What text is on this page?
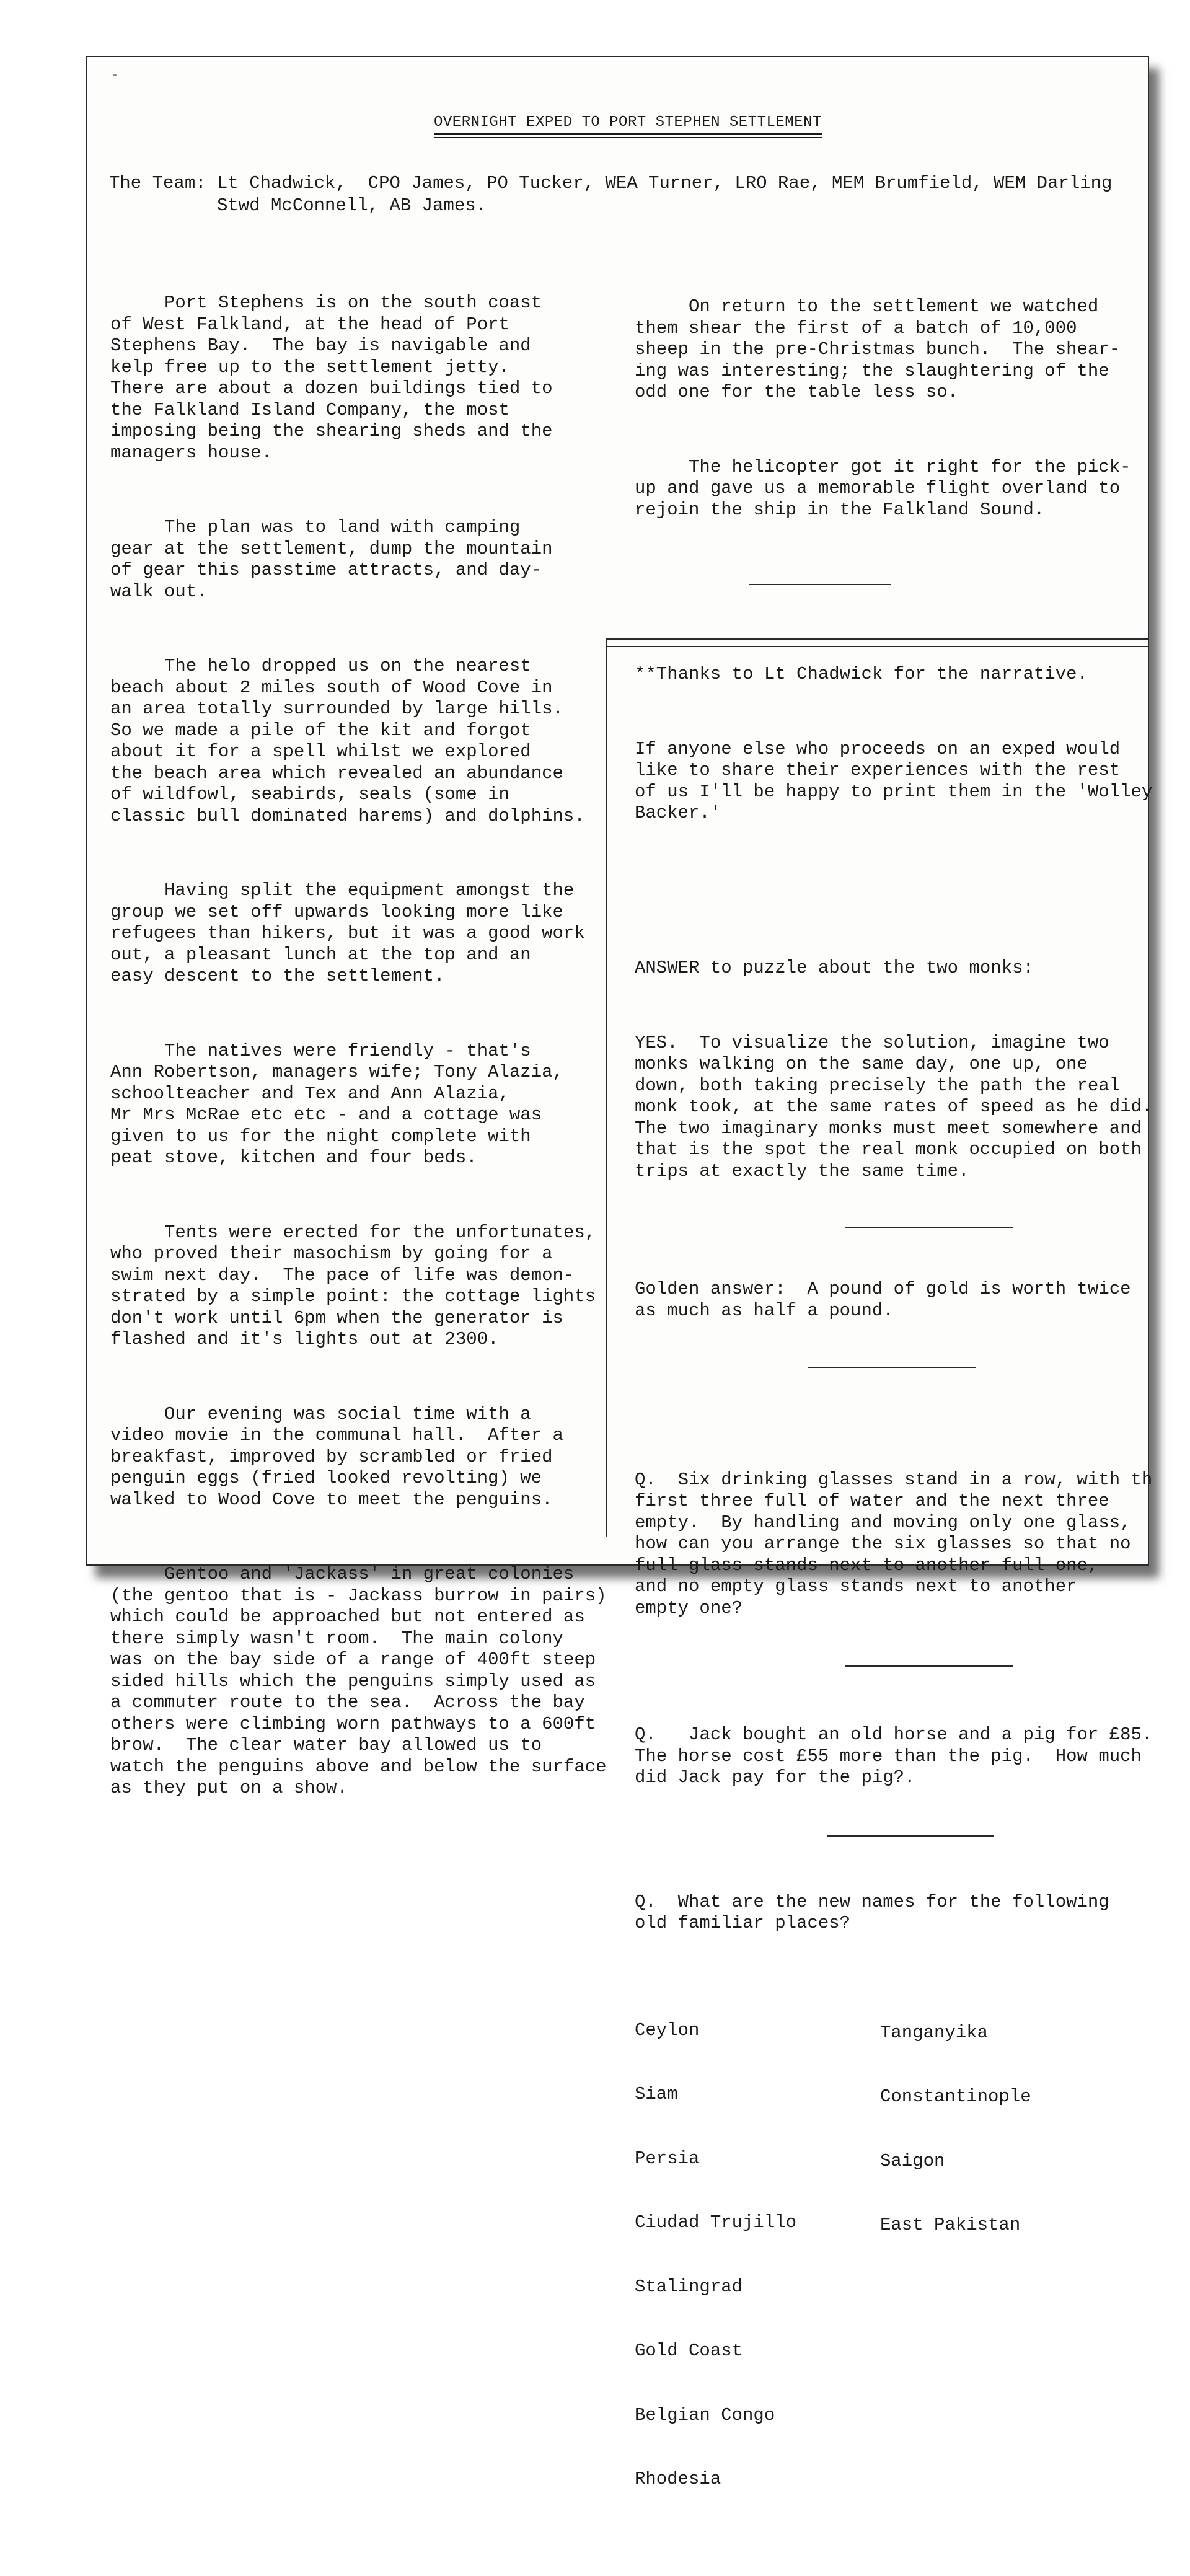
OVERNIGHT EXPED TO PORT STEPHEN SETTLEMENT
The Team: Lt Chadwick,  CPO James, PO Tucker, WEA Turner, LRO Rae, MEM Brumfield, WEM Darling
Stwd McConnell, AB James.

Port Stephens is on the south coast
of West Falkland, at the head of Port
Stephens Bay.  The bay is navigable and
kelp free up to the settlement jetty.
There are about a dozen buildings tied to
the Falkland Island Company, the most
imposing being the shearing sheds and the
managers house.

The plan was to land with camping
gear at the settlement, dump the mountain
of gear this passtime attracts, and day-
walk out.

The helo dropped us on the nearest
beach about 2 miles south of Wood Cove in
an area totally surrounded by large hills.
So we made a pile of the kit and forgot
about it for a spell whilst we explored
the beach area which revealed an abundance
of wildfowl, seabirds, seals (some in
classic bull dominated harems) and dolphins.

Having split the equipment amongst the
group we set off upwards looking more like
refugees than hikers, but it was a good work
out, a pleasant lunch at the top and an
easy descent to the settlement.

The natives were friendly - that's
Ann Robertson, managers wife; Tony Alazia,
schoolteacher and Tex and Ann Alazia,
Mr Mrs McRae etc etc - and a cottage was
given to us for the night complete with
peat stove, kitchen and four beds.

Tents were erected for the unfortunates,
who proved their masochism by going for a
swim next day.  The pace of life was demon-
strated by a simple point: the cottage lights
don't work until 6pm when the generator is
flashed and it's lights out at 2300.

Our evening was social time with a
video movie in the communal hall.  After a
breakfast, improved by scrambled or fried
penguin eggs (fried looked revolting) we
walked to Wood Cove to meet the penguins.

Gentoo and 'Jackass' in great colonies
(the gentoo that is - Jackass burrow in pairs)
which could be approached but not entered as
there simply wasn't room.  The main colony
was on the bay side of a range of 400ft steep
sided hills which the penguins simply used as
a commuter route to the sea.  Across the bay
others were climbing worn pathways to a 600ft
brow.  The clear water bay allowed us to
watch the penguins above and below the surface
as they put on a show.

On return to the settlement we watched
them shear the first of a batch of 10,000
sheep in the pre-Christmas bunch.  The shear-
ing was interesting; the slaughtering of the
odd one for the table less so.

The helicopter got it right for the pick-
up and gave us a memorable flight overland to
rejoin the ship in the Falkland Sound.

**Thanks to Lt Chadwick for the narrative.

If anyone else who proceeds on an exped would
like to share their experiences with the rest
of us I'll be happy to print them in the 'Wolley
Backer.'

ANSWER to puzzle about the two monks:

YES.  To visualize the solution, imagine two
monks walking on the same day, one up, one
down, both taking precisely the path the real
monk took, at the same rates of speed as he did.
The two imaginary monks must meet somewhere and
that is the spot the real monk occupied on both
trips at exactly the same time.

Golden answer:  A pound of gold is worth twice
as much as half a pound.

Q.  Six drinking glasses stand in a row, with th
first three full of water and the next three
empty.  By handling and moving only one glass,
how can you arrange the six glasses so that no
full glass stands next to another full one,
and no empty glass stands next to another
empty one?

Q.   Jack bought an old horse and a pig for £85.
The horse cost £55 more than the pig.  How much
did Jack pay for the pig?.

Q.  What are the new names for the following
old familiar places?

Ceylon

Siam

Persia

Ciudad Trujillo

Stalingrad

Gold Coast

Belgian Congo

Rhodesia

Tanganyika

Constantinople

Saigon

East Pakistan
